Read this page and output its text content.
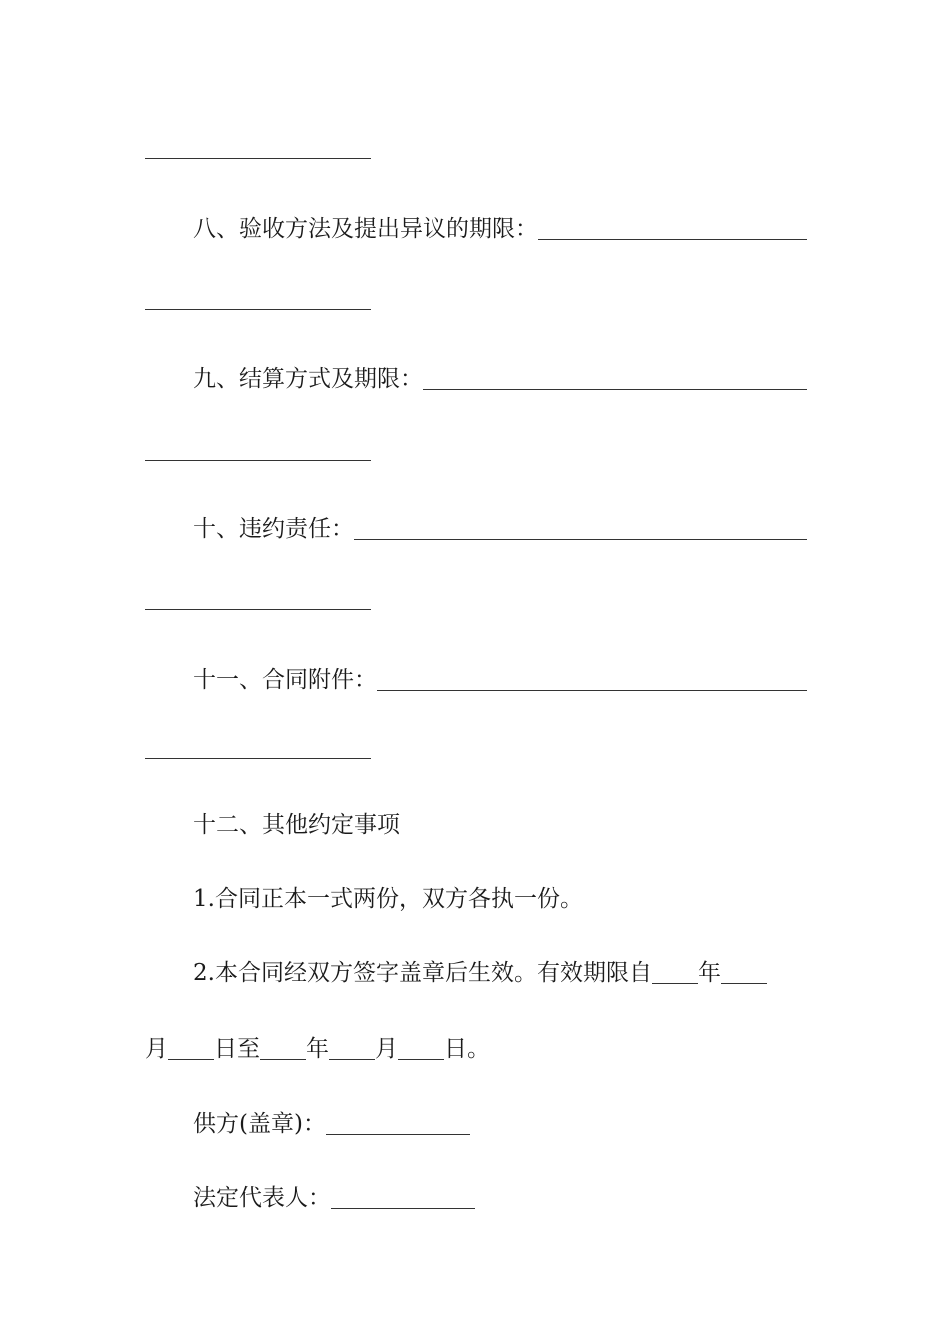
八、验收方法及提出异议的期限：
九、结算方式及期限：
十、违约责任：
十一、合同附件：
十二、其他约定事项
1.合同正本一式两份，双方各执一份。
2.本合同经双方签字盖章后生效。有效期限自 年
月 日至 年 月 日。
供方(盖章)：
法定代表人：
